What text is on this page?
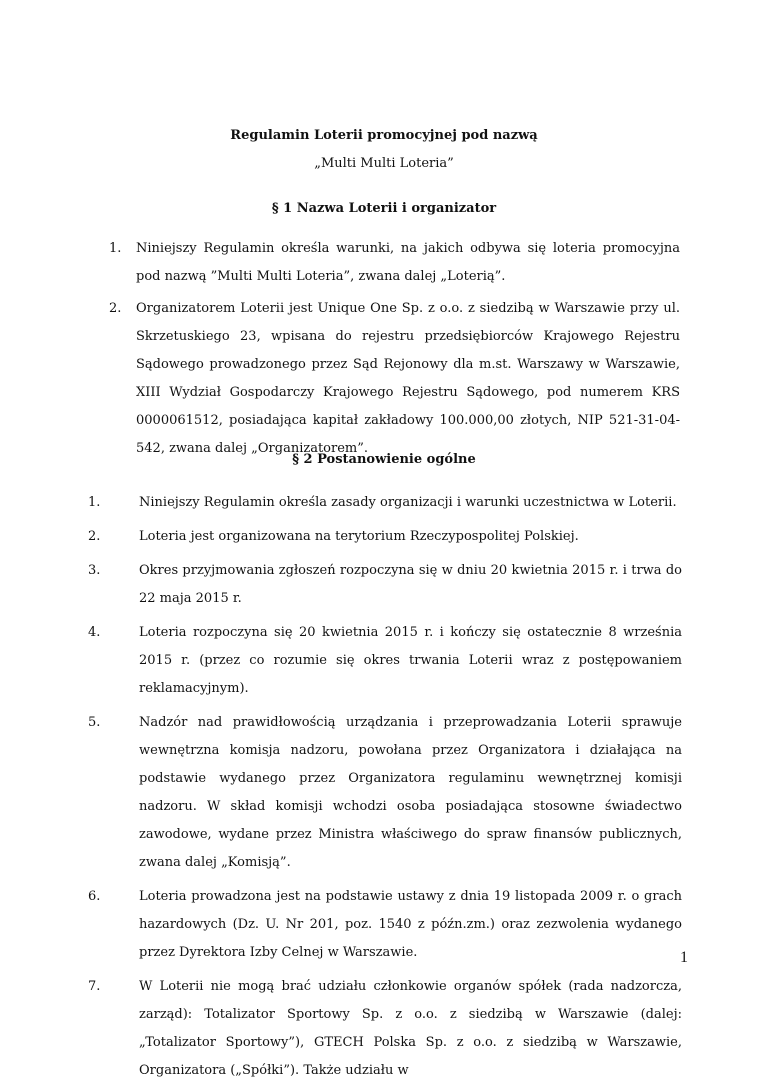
Regulamin Loterii promocyjnej pod nazwą

„Multi Multi Loteria”

§ 1 Nazwa Loterii i organizator
1. Niniejszy Regulamin określa warunki, na jakich odbywa się loteria promocyjna pod nazwą ”Multi Multi Loteria”, zwana dalej „Loterią”.
2. Organizatorem Loterii jest Unique One Sp. z o.o. z siedzibą w Warszawie przy ul. Skrzetuskiego 23, wpisana do rejestru przedsiębiorców Krajowego Rejestru Sądowego prowadzonego przez Sąd Rejonowy dla m.st. Warszawy w Warszawie, XIII Wydział Gospodarczy Krajowego Rejestru Sądowego, pod numerem KRS 0000061512, posiadająca kapitał zakładowy 100.000,00 złotych, NIP 521-31-04-542, zwana dalej „Organizatorem”.
§ 2 Postanowienie ogólne
1.	Niniejszy Regulamin określa zasady organizacji i warunki uczestnictwa w Loterii.
2.	Loteria jest organizowana na terytorium Rzeczypospolitej Polskiej.
3.	Okres przyjmowania zgłoszeń rozpoczyna się w dniu 20 kwietnia 2015 r. i trwa do 22 maja 2015 r.
4.	Loteria rozpoczyna się 20 kwietnia 2015 r. i kończy się ostatecznie 8 września 2015 r. (przez co rozumie się okres trwania Loterii wraz z postępowaniem reklamacyjnym).
5.	Nadzór nad prawidłowością urządzania i przeprowadzania Loterii sprawuje wewnętrzna komisja nadzoru, powołana przez Organizatora i działająca na podstawie wydanego przez Organizatora regulaminu wewnętrznej komisji nadzoru. W skład komisji wchodzi osoba posiadająca stosowne świadectwo zawodowe, wydane przez Ministra właściwego do spraw finansów publicznych, zwana dalej „Komisją”.
6.	Loteria prowadzona jest na podstawie ustawy z dnia 19 listopada 2009 r. o grach hazardowych (Dz. U. Nr 201, poz. 1540 z późn.zm.) oraz zezwolenia wydanego przez Dyrektora Izby Celnej w Warszawie.
7.	W Loterii nie mogą brać udziału członkowie organów spółek (rada nadzorcza, zarząd): Totalizator Sportowy Sp. z o.o. z siedzibą w Warszawie (dalej: „Totalizator Sportowy”), GTECH Polska Sp. z o.o. z siedzibą w Warszawie, Organizatora („Spółki”). Także udziału w
1
